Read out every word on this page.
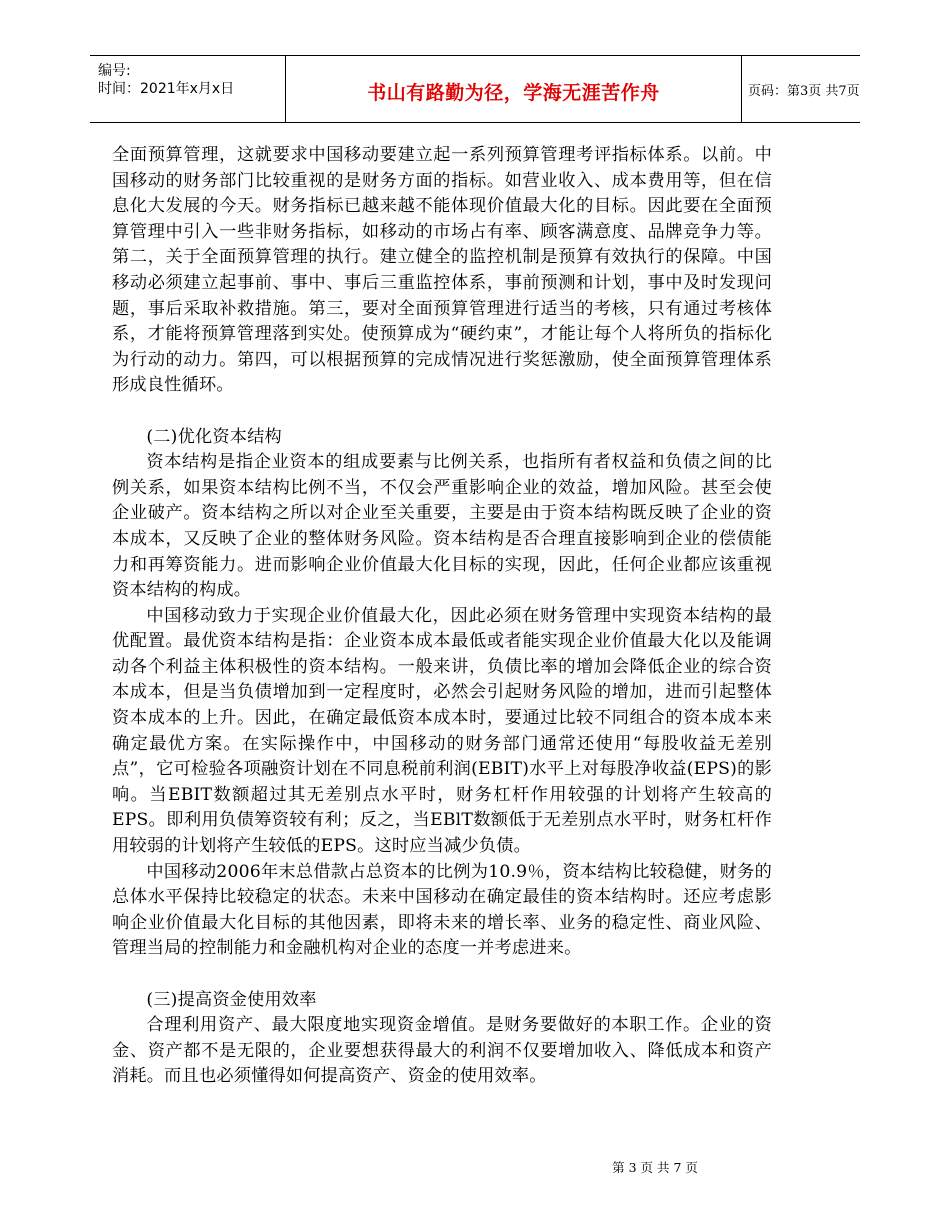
编号:
时间：2021年x月x日	书山有路勤为径，学海无涯苦作舟	页码：第3页 共7页

全面预算管理，这就要求中国移动要建立起一系列预算管理考评指标体系。以前。中国移动的财务部门比较重视的是财务方面的指标。如营业收入、成本费用等，但在信息化大发展的今天。财务指标已越来越不能体现价值最大化的目标。因此要在全面预算管理中引入一些非财务指标，如移动的市场占有率、顾客满意度、品牌竞争力等。第二，关于全面预算管理的执行。建立健全的监控机制是预算有效执行的保障。中国移动必须建立起事前、事中、事后三重监控体系，事前预测和计划，事中及时发现问题，事后采取补救措施。第三，要对全面预算管理进行适当的考核，只有通过考核体系，才能将预算管理落到实处。使预算成为“硬约束”，才能让每个人将所负的指标化为行动的动力。第四，可以根据预算的完成情况进行奖惩激励，使全面预算管理体系形成良性循环。

(二)优化资本结构

资本结构是指企业资本的组成要素与比例关系，也指所有者权益和负债之间的比例关系，如果资本结构比例不当，不仅会严重影响企业的效益，增加风险。甚至会使企业破产。资本结构之所以对企业至关重要，主要是由于资本结构既反映了企业的资本成本，又反映了企业的整体财务风险。资本结构是否合理直接影响到企业的偿债能力和再筹资能力。进而影响企业价值最大化目标的实现，因此，任何企业都应该重视资本结构的构成。

中国移动致力于实现企业价值最大化，因此必须在财务管理中实现资本结构的最优配置。最优资本结构是指：企业资本成本最低或者能实现企业价值最大化以及能调动各个利益主体积极性的资本结构。一般来讲，负债比率的增加会降低企业的综合资本成本，但是当负债增加到一定程度时，必然会引起财务风险的增加，进而引起整体资本成本的上升。因此，在确定最低资本成本时，要通过比较不同组合的资本成本来确定最优方案。在实际操作中，中国移动的财务部门通常还使用“每股收益无差别点”，它可检验各项融资计划在不同息税前利润(EBIT)水平上对每股净收益(EPS)的影响。当EBIT数额超过其无差别点水平时，财务杠杆作用较强的计划将产生较高的EPS。即利用负债筹资较有利；反之，当EBlT数额低于无差别点水平时，财务杠杆作用较弱的计划将产生较低的EPS。这时应当减少负债。

中国移动2006年末总借款占总资本的比例为10.9％，资本结构比较稳健，财务的总体水平保持比较稳定的状态。未来中国移动在确定最佳的资本结构时。还应考虑影响企业价值最大化目标的其他因素，即将未来的增长率、业务的稳定性、商业风险、管理当局的控制能力和金融机构对企业的态度一并考虑进来。

(三)提高资金使用效率

合理利用资产、最大限度地实现资金增值。是财务要做好的本职工作。企业的资金、资产都不是无限的，企业要想获得最大的利润不仅要增加收入、降低成本和资产消耗。而且也必须懂得如何提高资产、资金的使用效率。

第 3 页 共 7 页
